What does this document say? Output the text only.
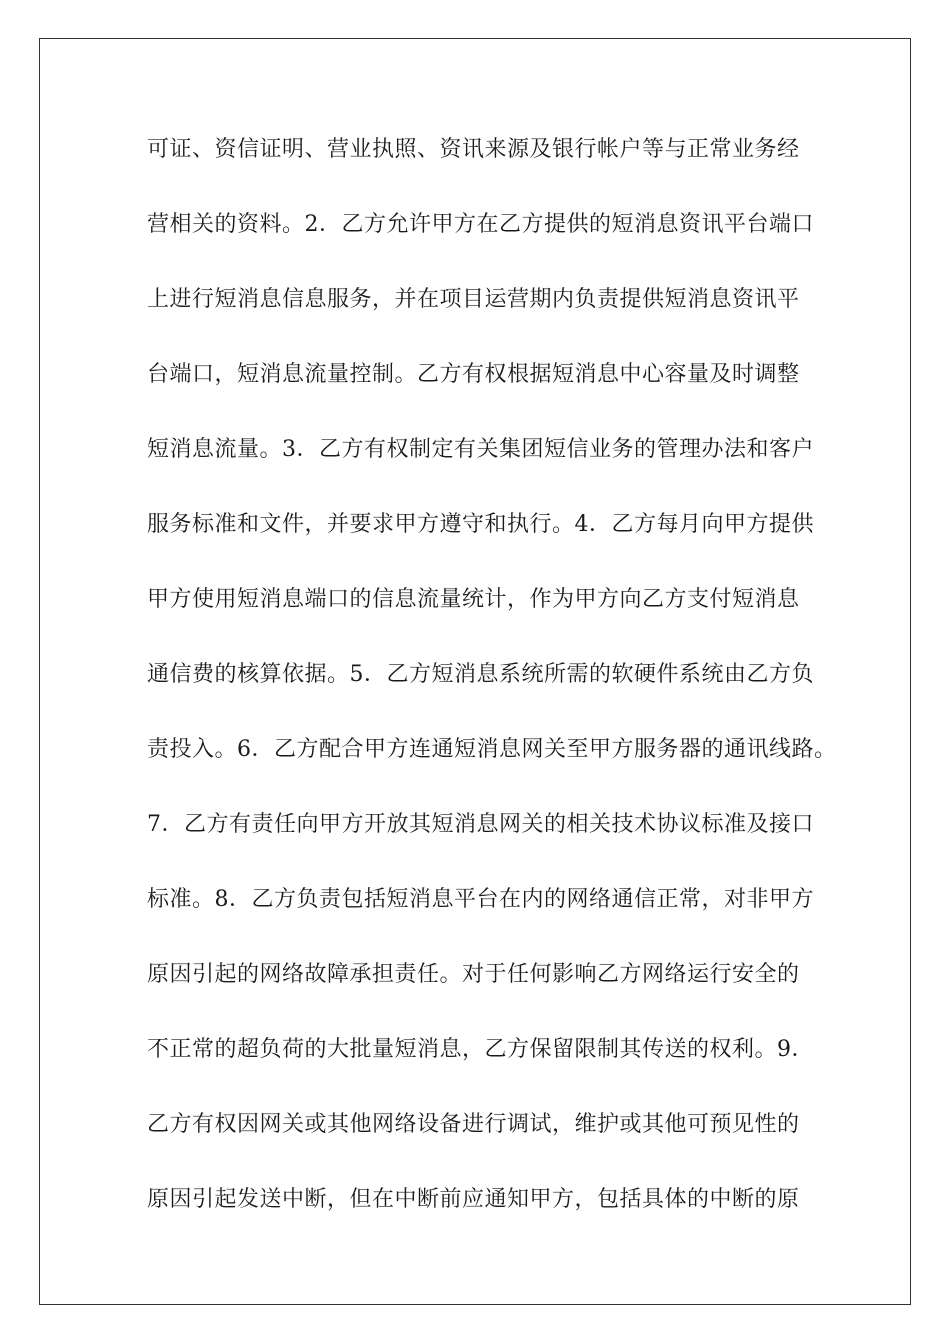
可证、资信证明、营业执照、资讯来源及银行帐户等与正常业务经
营相关的资料。2．乙方允许甲方在乙方提供的短消息资讯平台端口
上进行短消息信息服务，并在项目运营期内负责提供短消息资讯平
台端口，短消息流量控制。乙方有权根据短消息中心容量及时调整
短消息流量。3．乙方有权制定有关集团短信业务的管理办法和客户
服务标准和文件，并要求甲方遵守和执行。4．乙方每月向甲方提供
甲方使用短消息端口的信息流量统计，作为甲方向乙方支付短消息
通信费的核算依据。5．乙方短消息系统所需的软硬件系统由乙方负
责投入。6．乙方配合甲方连通短消息网关至甲方服务器的通讯线路。
7．乙方有责任向甲方开放其短消息网关的相关技术协议标准及接口
标准。8．乙方负责包括短消息平台在内的网络通信正常，对非甲方
原因引起的网络故障承担责任。对于任何影响乙方网络运行安全的
不正常的超负荷的大批量短消息，乙方保留限制其传送的权利。9．
乙方有权因网关或其他网络设备进行调试，维护或其他可预见性的
原因引起发送中断，但在中断前应通知甲方，包括具体的中断的原
